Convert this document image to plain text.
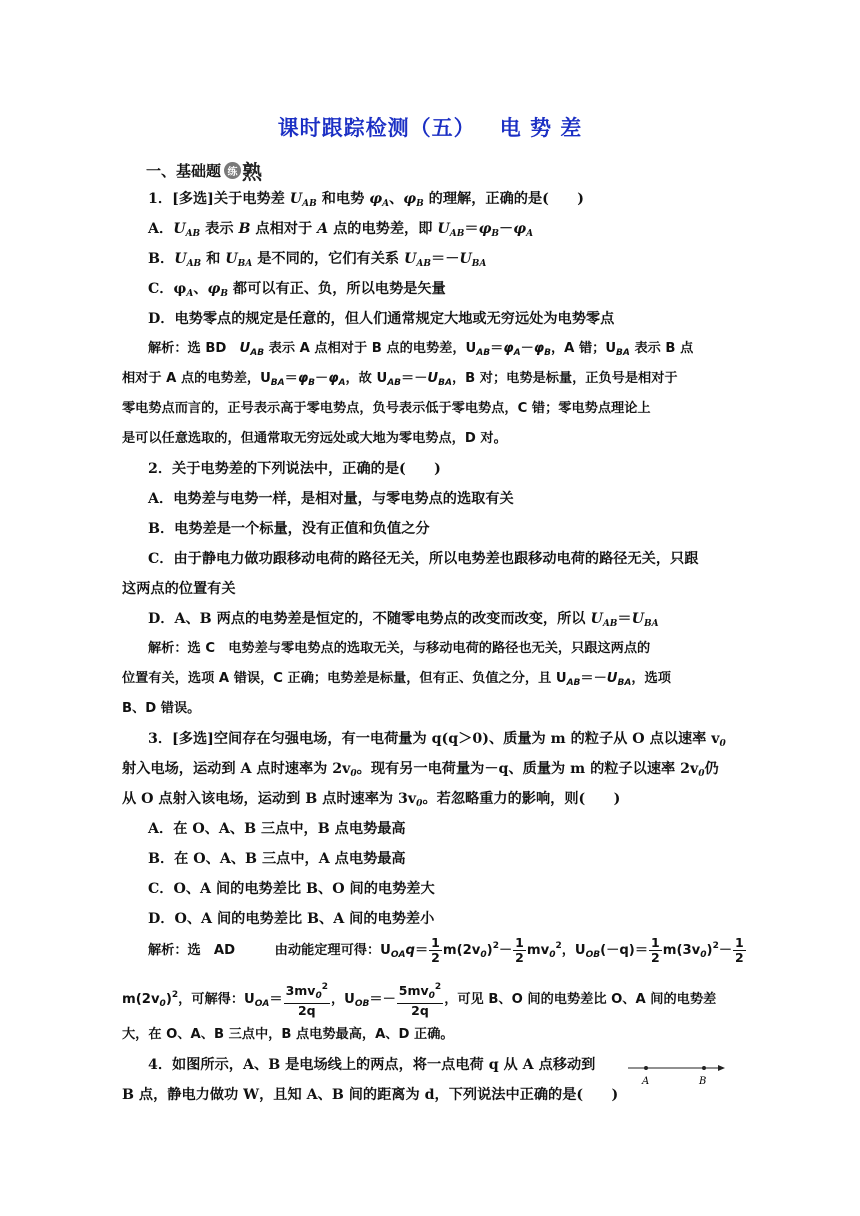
课时跟踪检测（五） 电 势 差
一、基础题 练 熟
1．[多选]关于电势差 $U_{AB}$ 和电势 $\varphi_A$、$\varphi_B$ 的理解，正确的是(　　)
A．$U_{AB}$ 表示 B 点相对于 A 点的电势差，即 $U_{AB}=\varphi_B-\varphi_A$
B．$U_{AB}$ 和 $U_{BA}$ 是不同的，它们有关系 $U_{AB}=-U_{BA}$
C．$\varphi_A$、$\varphi_B$ 都可以有正、负，所以电势是矢量
D．电势零点的规定是任意的，但人们通常规定大地或无穷远处为电势零点
解析：选 BD　 $U_{AB}$ 表示 A 点相对于 B 点的电势差，$U_{AB}=\varphi_A-\varphi_B$，A 错；$U_{BA}$ 表示 B 点
相对于 A 点的电势差，$U_{BA}=\varphi_B-\varphi_A$，故 $U_{AB}=-U_{BA}$，B 对；电势是标量，正负号是相对于
零电势点而言的，正号表示高于零电势点，负号表示低于零电势点，C 错；零电势点理论上
是可以任意选取的，但通常取无穷远处或大地为零电势点，D 对。
2．关于电势差的下列说法中，正确的是(　　)
A．电势差与电势一样，是相对量，与零电势点的选取有关
B．电势差是一个标量，没有正值和负值之分
C．由于静电力做功跟移动电荷的路径无关，所以电势差也跟移动电荷的路径无关，只跟
这两点的位置有关
D．A、B 两点的电势差是恒定的，不随零电势点的改变而改变，所以 $U_{AB}=U_{BA}$
解析：选 C　电势差与零电势点的选取无关，与移动电荷的路径也无关，只跟这两点的
位置有关，选项 A 错误，C 正确；电势差是标量，但有正、负值之分，且 $U_{AB}=-U_{BA}$，选项
B、D 错误。
3．[多选]空间存在匀强电场，有一电荷量为 q(q＞0)、质量为 m 的粒子从 O 点以速率 $v_0$
射入电场，运动到 A 点时速率为 $2v_0$。现有另一电荷量为－q、质量为 m 的粒子以速率 $2v_0$仍
从 O 点射入该电场，运动到 B 点时速率为 $3v_0$。若忽略重力的影响，则(　　)
A．在 O、A、B 三点中，B 点电势最高
B．在 O、A、B 三点中，A 点电势最高
C．O、A 间的电势差比 B、O 间的电势差大
D．O、A 间的电势差比 B、A 间的电势差小
解析：选　AD　　　	由动能定理可得：$U_{OA}q= \frac{1}{2} m(2v_0)^2- \frac{1}{2} mv_0^2$，$U_{OB}(-q)= \frac{1}{2} m(3v_0)^2- \frac{1}{2}$
$m(2v_0)^2$，可解得：$U_{OA}= \frac{3mv_0^2}{2q}$ ，$U_{OB}=- \frac{5mv_0^2}{2q}$ ，可见 B、O 间的电势差比 O、A 间的电势差
大，在 O、A、B 三点中，B 点电势最高，A、D 正确。
4．如图所示，A、B 是电场线上的两点，将一点电荷 q 从 A 点移动到
B 点，静电力做功 W，且知 A、B 间的距离为 d，下列说法中正确的是(　　)
A	B
